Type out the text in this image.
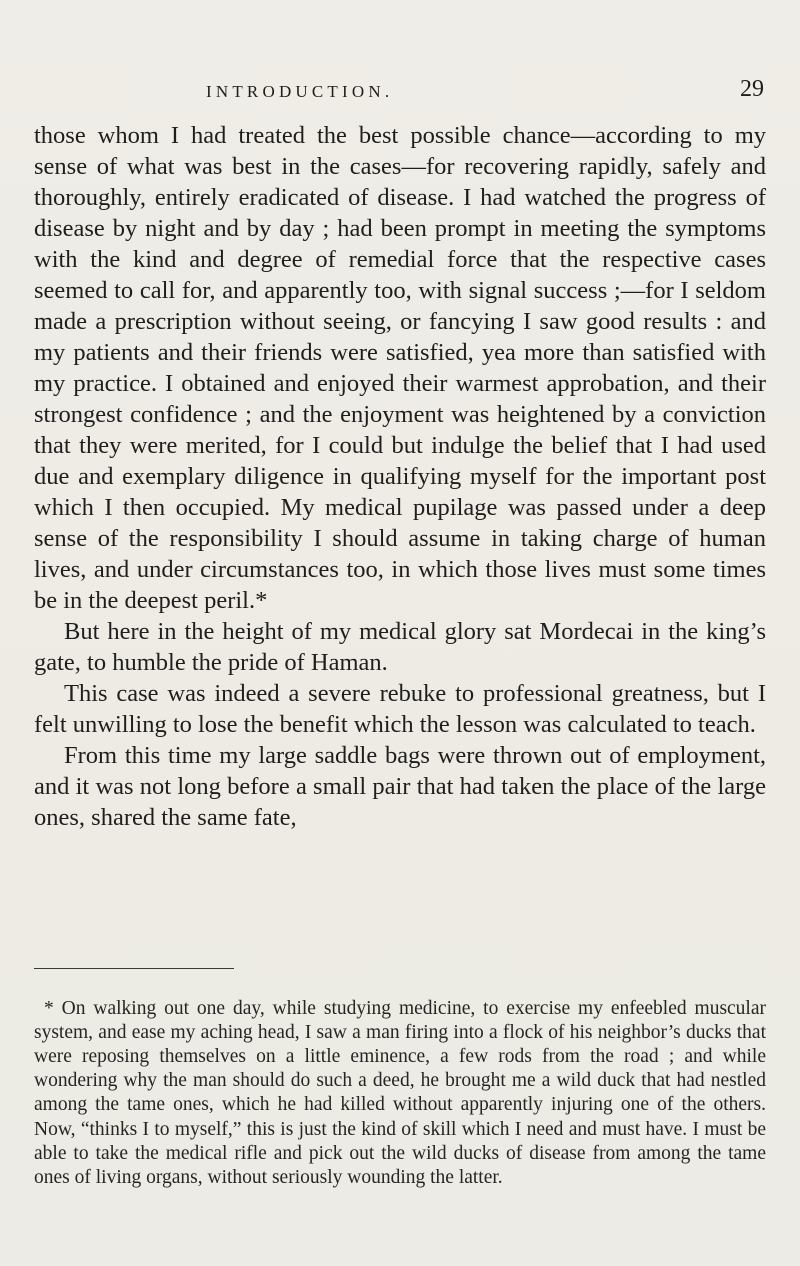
INTRODUCTION.	29

those whom I had treated the best possible chance—according to my sense of what was best in the cases—for recovering rapidly, safely and thoroughly, entirely eradicated of disease. I had watched the progress of disease by night and by day ; had been prompt in meeting the symptoms with the kind and degree of remedial force that the respective cases seemed to call for, and apparently too, with signal success ;—for I seldom made a prescription without seeing, or fancying I saw good results : and my patients and their friends were satisfied, yea more than satisfied with my practice. I obtained and enjoyed their warmest approbation, and their strongest confidence ; and the enjoyment was heightened by a conviction that they were merited, for I could but indulge the belief that I had used due and exemplary diligence in qualifying myself for the important post which I then occupied. My medical pupilage was passed under a deep sense of the responsibility I should assume in taking charge of human lives, and under circumstances too, in which those lives must some times be in the deepest peril.*

But here in the height of my medical glory sat Mordecai in the king’s gate, to humble the pride of Haman.

This case was indeed a severe rebuke to professional greatness, but I felt unwilling to lose the benefit which the lesson was calculated to teach.

From this time my large saddle bags were thrown out of employment, and it was not long before a small pair that had taken the place of the large ones, shared the same fate,

* On walking out one day, while studying medicine, to exercise my enfeebled muscular system, and ease my aching head, I saw a man firing into a flock of his neighbor’s ducks that were reposing themselves on a little eminence, a few rods from the road ; and while wondering why the man should do such a deed, he brought me a wild duck that had nestled among the tame ones, which he had killed without apparently injuring one of the others. Now, “thinks I to myself,” this is just the kind of skill which I need and must have. I must be able to take the medical rifle and pick out the wild ducks of disease from among the tame ones of living organs, without seriously wounding the latter.
